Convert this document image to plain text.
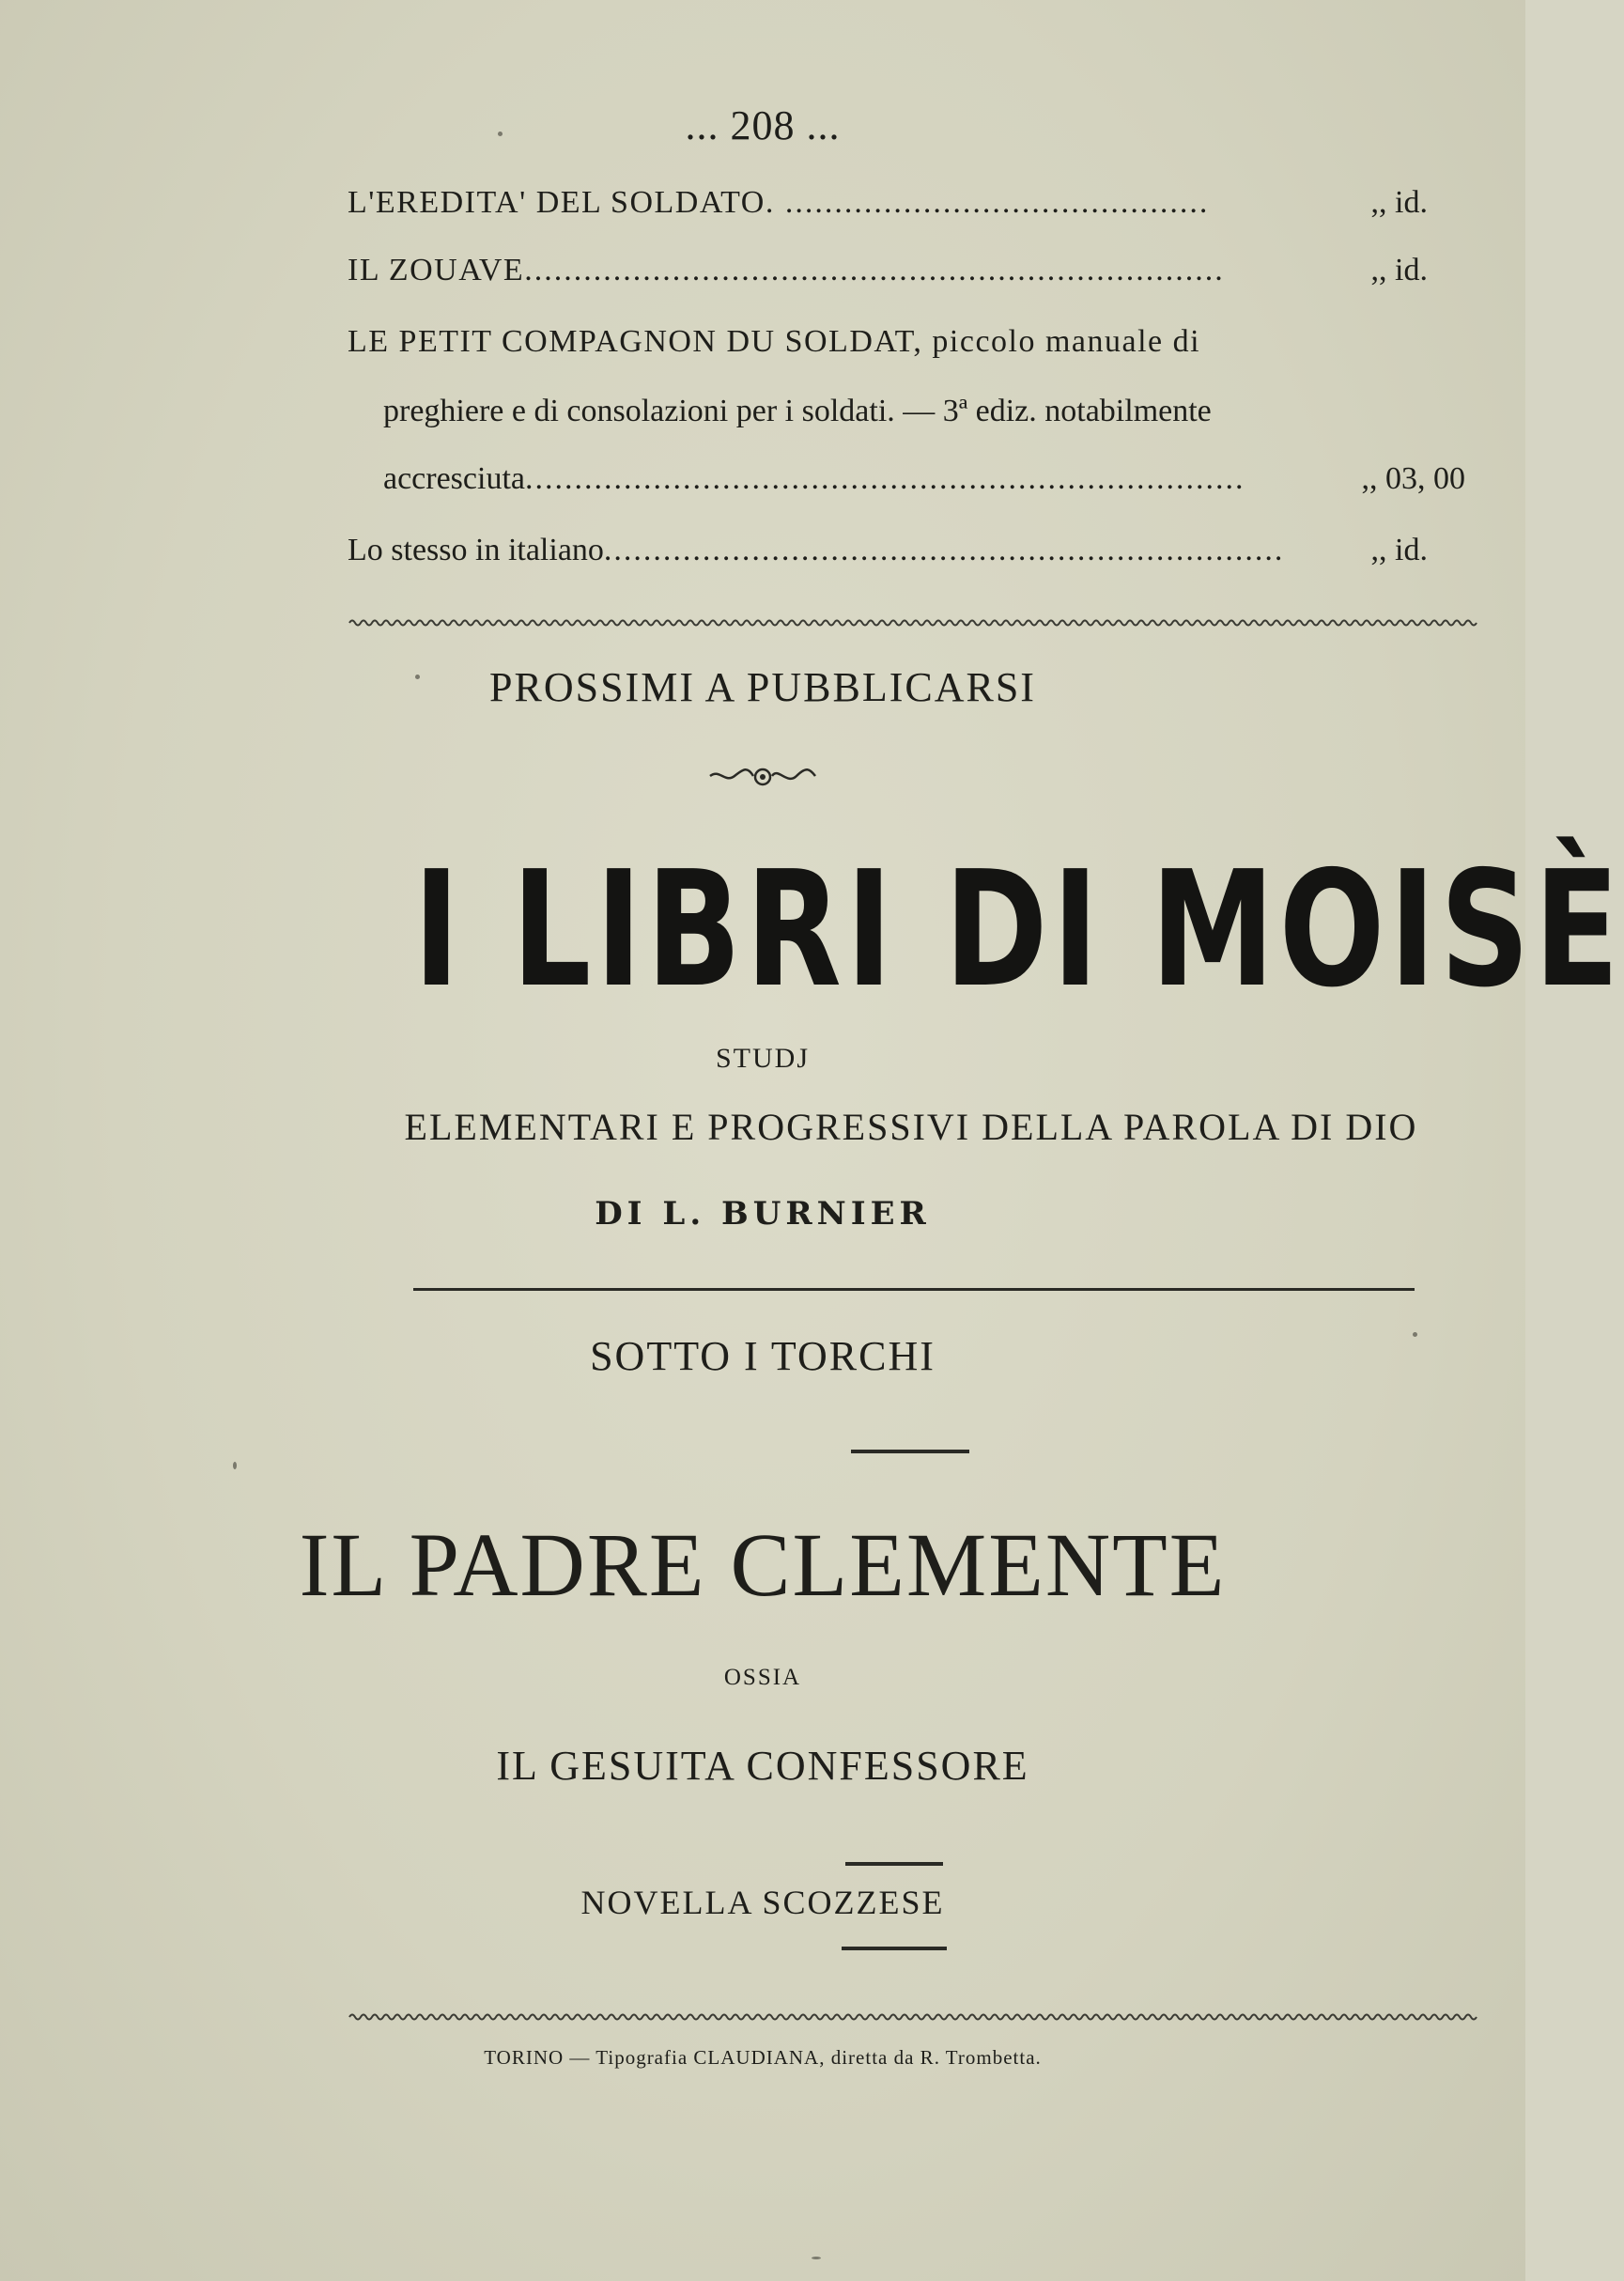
... 208 ...
L'EREDITA' DEL SOLDATO. ...........................................	,, id.
IL ZOUAVE.......................................................................	,, id.
LE PETIT COMPAGNON DU SOLDAT, piccolo manuale di
preghiere e di consolazioni per i soldati. — 3ª ediz. notabilmente
accresciuta.........................................................................	,, 03, 00
Lo stesso in italiano.....................................................................	,, id.
PROSSIMI A PUBBLICARSI
I LIBRI DI MOISÈ
STUDJ
ELEMENTARI E PROGRESSIVI DELLA PAROLA DI DIO
DI L. BURNIER
SOTTO I TORCHI
IL PADRE CLEMENTE
OSSIA
IL GESUITA CONFESSORE
NOVELLA SCOZZESE
TORINO — Tipografia CLAUDIANA, diretta da R. Trombetta.
